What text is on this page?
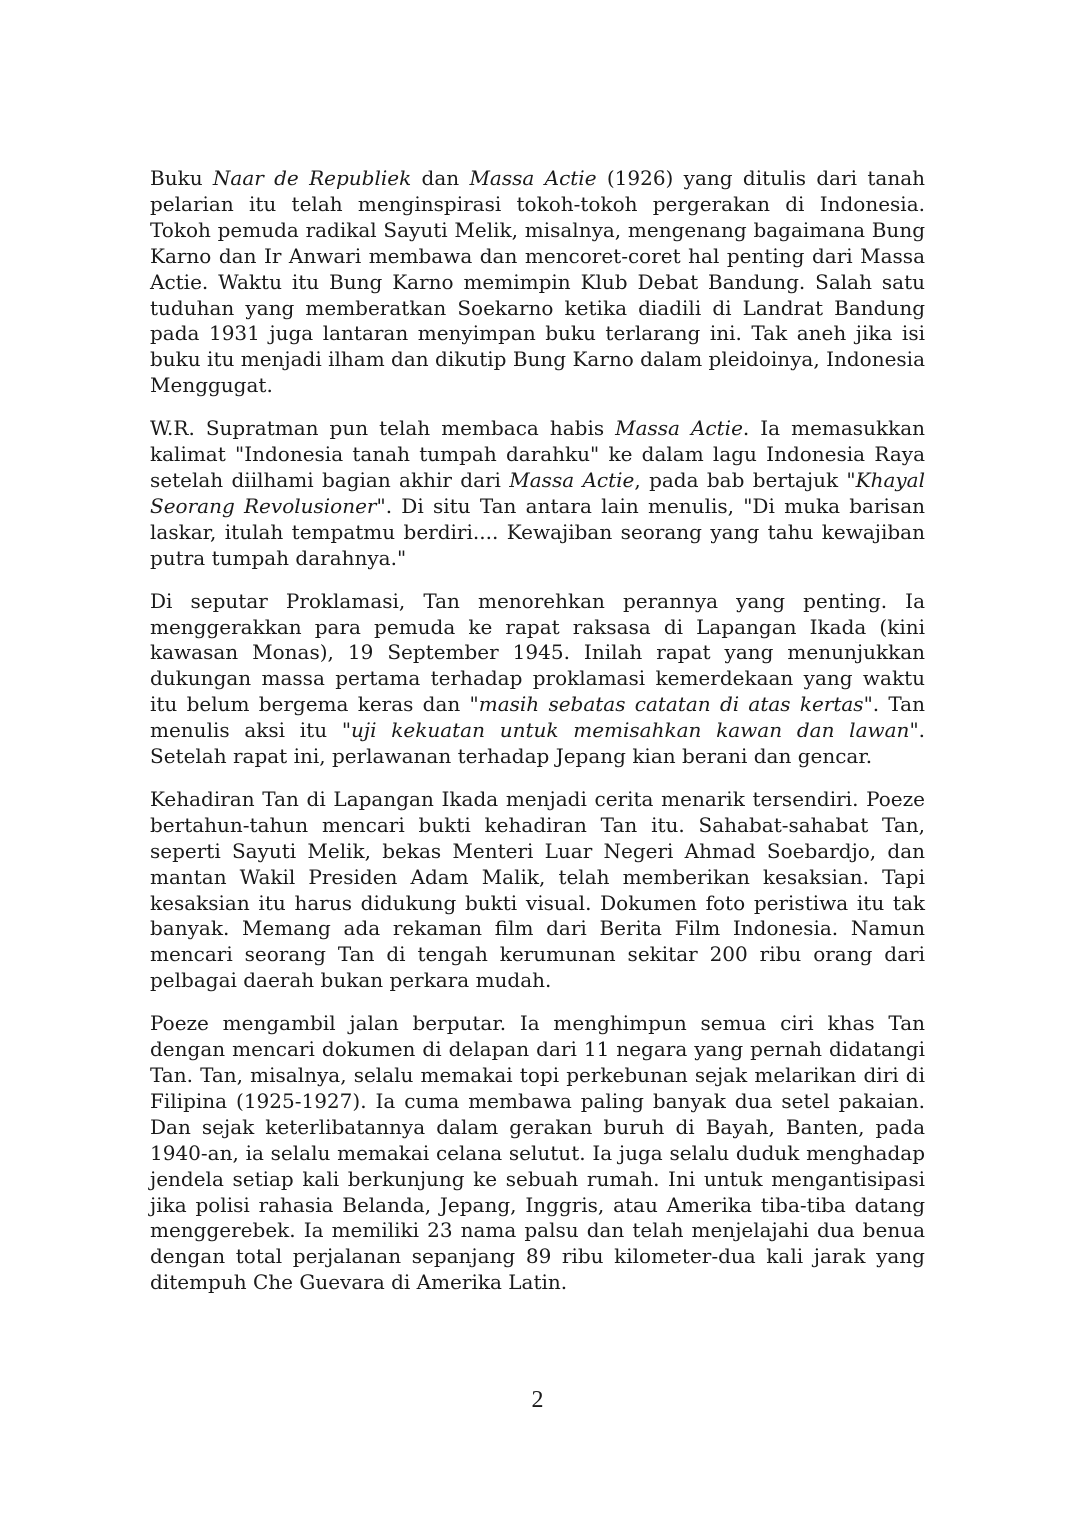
Buku Naar de Republiek dan Massa Actie (1926) yang ditulis dari tanah pelarian itu telah menginspirasi tokoh-tokoh pergerakan di Indonesia. Tokoh pemuda radikal Sayuti Melik, misalnya, mengenang bagaimana Bung Karno dan Ir Anwari membawa dan mencoret-coret hal penting dari Massa Actie. Waktu itu Bung Karno memimpin Klub Debat Bandung. Salah satu tuduhan yang memberatkan Soekarno ketika diadili di Landrat Bandung pada 1931 juga lantaran menyimpan buku terlarang ini. Tak aneh jika isi buku itu menjadi ilham dan dikutip Bung Karno dalam pleidoinya, Indonesia Menggugat.

W.R. Supratman pun telah membaca habis Massa Actie. Ia memasukkan kalimat "Indonesia tanah tumpah darahku" ke dalam lagu Indonesia Raya setelah diilhami bagian akhir dari Massa Actie, pada bab bertajuk "Khayal Seorang Revolusioner". Di situ Tan antara lain menulis, "Di muka barisan laskar, itulah tempatmu berdiri.... Kewajiban seorang yang tahu kewajiban putra tumpah darahnya."

Di seputar Proklamasi, Tan menorehkan perannya yang penting. Ia menggerakkan para pemuda ke rapat raksasa di Lapangan Ikada (kini kawasan Monas), 19 September 1945. Inilah rapat yang menunjukkan dukungan massa pertama terhadap proklamasi kemerdekaan yang waktu itu belum bergema keras dan "masih sebatas catatan di atas kertas". Tan menulis aksi itu "uji kekuatan untuk memisahkan kawan dan lawan". Setelah rapat ini, perlawanan terhadap Jepang kian berani dan gencar.

Kehadiran Tan di Lapangan Ikada menjadi cerita menarik tersendiri. Poeze bertahun-tahun mencari bukti kehadiran Tan itu. Sahabat-sahabat Tan, seperti Sayuti Melik, bekas Menteri Luar Negeri Ahmad Soebardjo, dan mantan Wakil Presiden Adam Malik, telah memberikan kesaksian. Tapi kesaksian itu harus didukung bukti visual. Dokumen foto peristiwa itu tak banyak. Memang ada rekaman film dari Berita Film Indonesia. Namun mencari seorang Tan di tengah kerumunan sekitar 200 ribu orang dari pelbagai daerah bukan perkara mudah.

Poeze mengambil jalan berputar. Ia menghimpun semua ciri khas Tan dengan mencari dokumen di delapan dari 11 negara yang pernah didatangi Tan. Tan, misalnya, selalu memakai topi perkebunan sejak melarikan diri di Filipina (1925-1927). Ia cuma membawa paling banyak dua setel pakaian. Dan sejak keterlibatannya dalam gerakan buruh di Bayah, Banten, pada 1940-an, ia selalu memakai celana selutut. Ia juga selalu duduk menghadap jendela setiap kali berkunjung ke sebuah rumah. Ini untuk mengantisipasi jika polisi rahasia Belanda, Jepang, Inggris, atau Amerika tiba-tiba datang menggerebek. Ia memiliki 23 nama palsu dan telah menjelajahi dua benua dengan total perjalanan sepanjang 89 ribu kilometer-dua kali jarak yang ditempuh Che Guevara di Amerika Latin.

2
